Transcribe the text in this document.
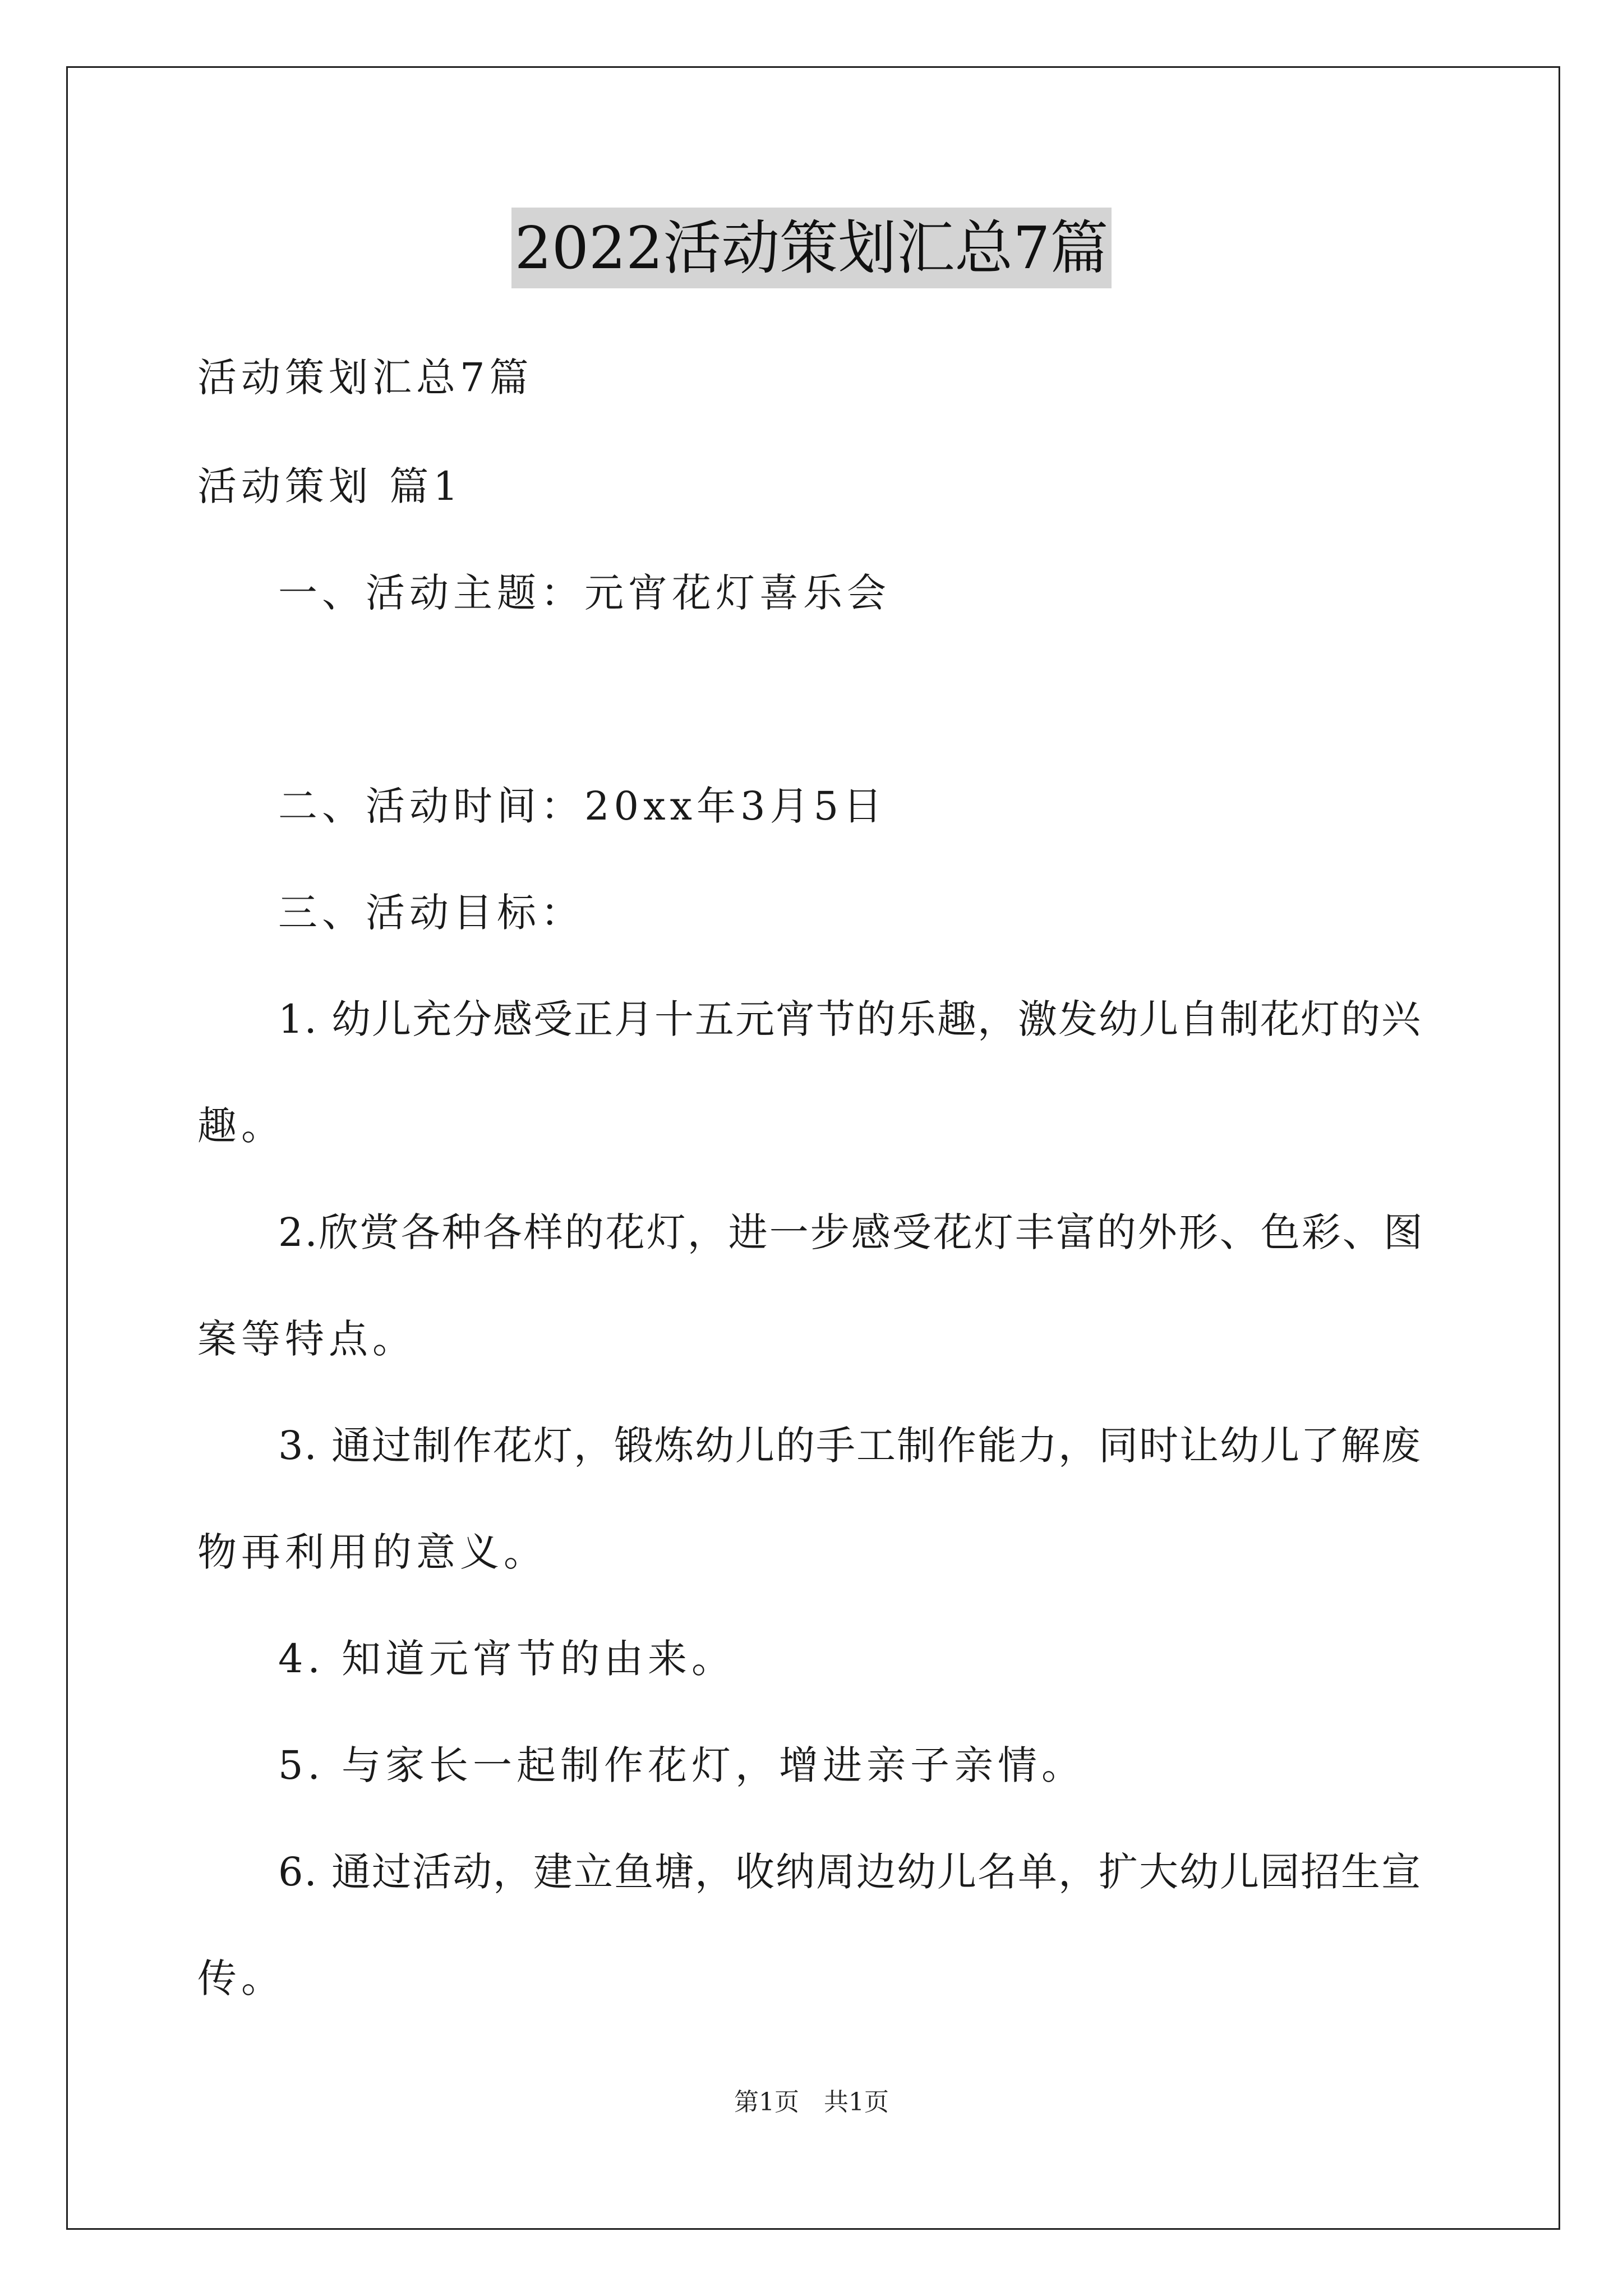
2022活动策划汇总7篇
活动策划汇总7篇
活动策划 篇1
一、活动主题：元宵花灯喜乐会
二、活动时间：20xx年3月5日
三、活动目标：
1. 幼儿充分感受正月十五元宵节的乐趣，激发幼儿自制花灯的兴
趣。
2.欣赏各种各样的花灯，进一步感受花灯丰富的外形、色彩、图
案等特点。
3. 通过制作花灯，锻炼幼儿的手工制作能力，同时让幼儿了解废
物再利用的意义。
4. 知道元宵节的由来。
5. 与家长一起制作花灯，增进亲子亲情。
6. 通过活动，建立鱼塘，收纳周边幼儿名单，扩大幼儿园招生宣
传。
第1页　共1页
